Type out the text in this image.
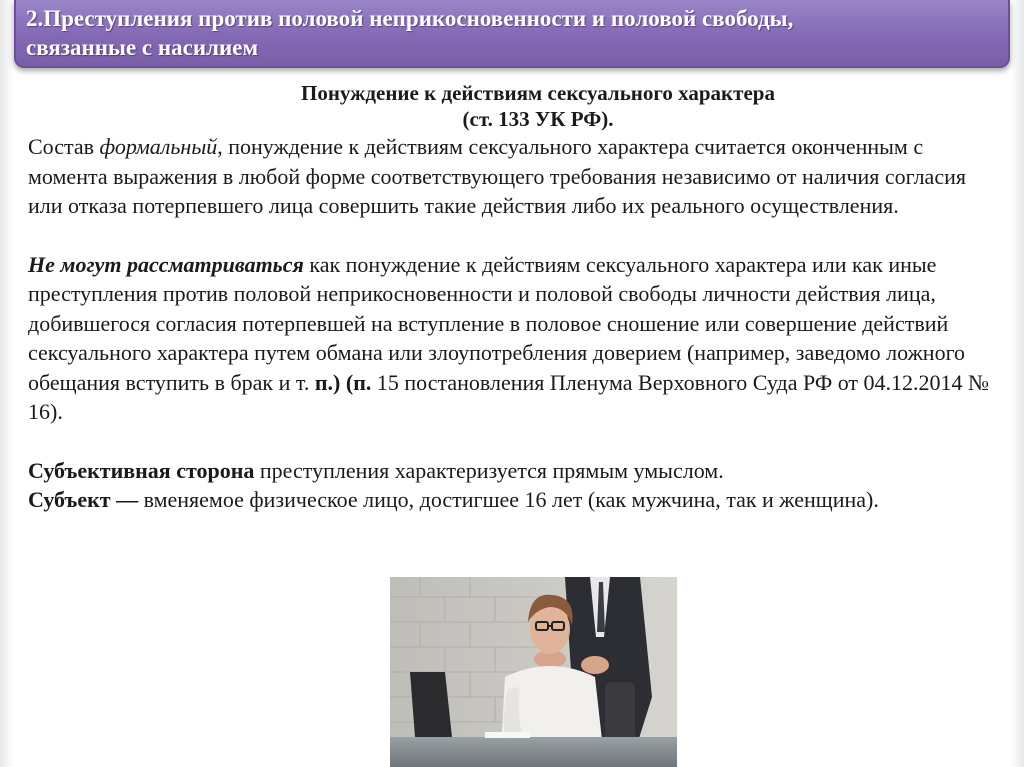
2.Преступления против половой неприкосновенности и половой свободы,
связанные с насилием
Понуждение к действиям сексуального характера
(ст. 133 УК РФ).

Состав формальный, понуждение к действиям сексуального характера считается оконченным с момента выражения в любой форме соответствующего требования независимо от наличия согласия или отказа потерпевшего лица совершить такие действия либо их реального осуществления.

Не могут рассматриваться как понуждение к действиям сексуального характера или как иные преступления против половой неприкосновенности и половой свободы личности действия лица, добившегося согласия потерпевшей на вступление в половое сношение или совершение действий сексуального характера путем обмана или злоупотребления доверием (например, заведомо ложного обещания вступить в брак и т. п.) (п. 15 постановления Пленума Верховного Суда РФ от 04.12.2014 № 16).

Субъективная сторона преступления характеризуется прямым умыслом.

Субъект — вменяемое физическое лицо, достигшее 16 лет (как мужчина, так и женщина).
